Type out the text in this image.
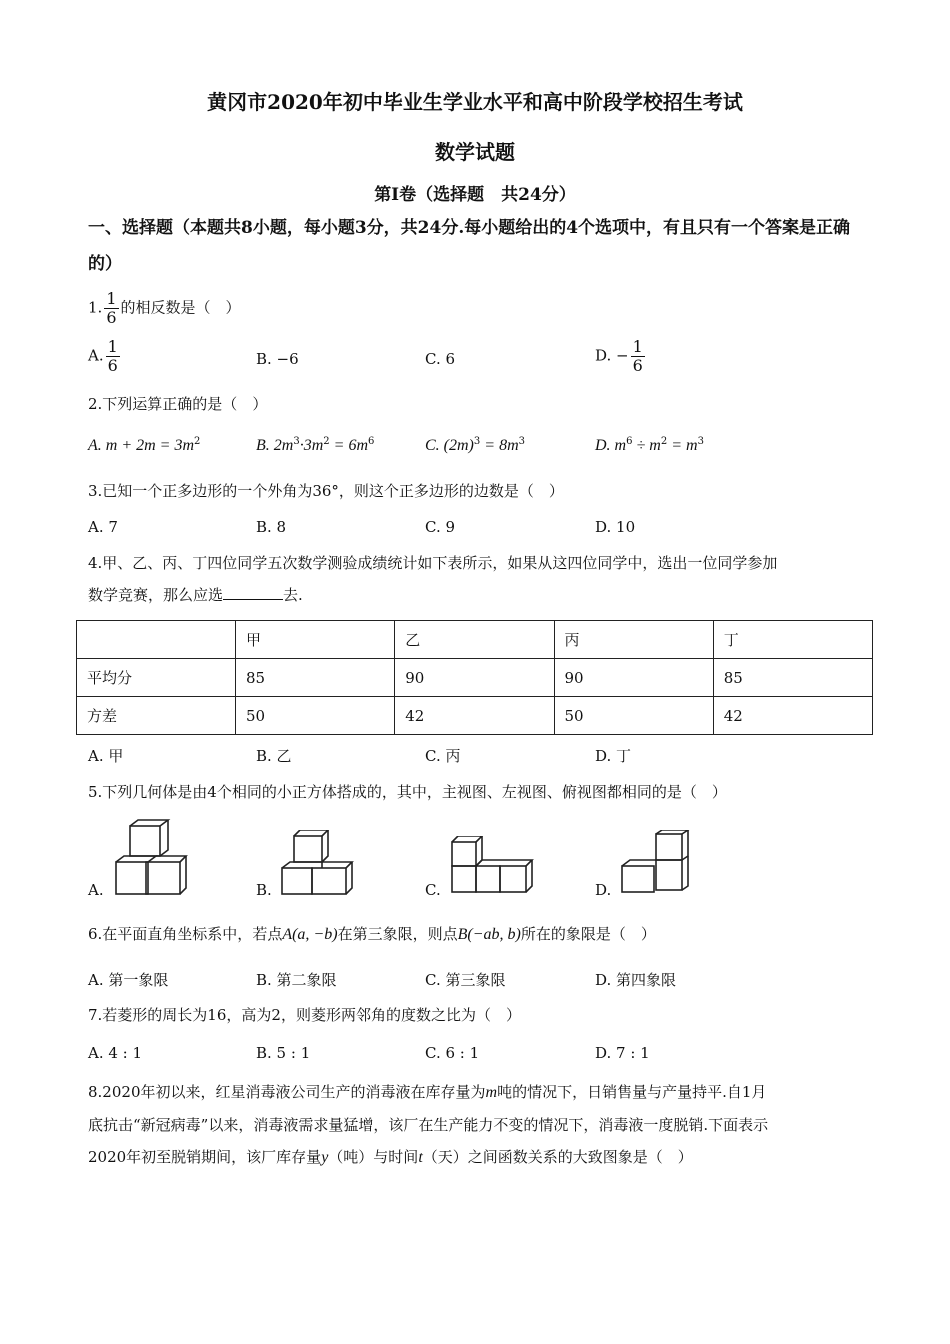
黄冈市2020年初中毕业生学业水平和高中阶段学校招生考试
数学试题
第Ⅰ卷（选择题　共24分）
一、选择题（本题共8小题，每小题3分，共24分.每小题给出的4个选项中，有且只有一个答案是正确的）
1. $\frac{1}{6}$ 的相反数是（　）
A. $\frac{1}{6}$	B. −6	C. 6	D. − $\frac{1}{6}$
2.下列运算正确的是（　）
A. $m + 2m = 3m^2$	B. $2m^3\cdot 3m^2 = 6m^6$	C. $(2m)^3 = 8m^3$	D. $m^6 \div m^2 = m^3$
3.已知一个正多边形的一个外角为36°，则这个正多边形的边数是（　）
A. 7	B. 8	C. 9	D. 10
4.甲、乙、丙、丁四位同学五次数学测验成绩统计如下表所示，如果从这四位同学中，选出一位同学参加
数学竞赛，那么应选	去.
	甲	乙	丙	丁
平均分	85	90	90	85
方差	50	42	50	42
A. 甲	B. 乙	C. 丙	D. 丁
5.下列几何体是由4个相同的小正方体搭成的，其中，主视图、左视图、俯视图都相同的是（　）
A.	B.	C.	D.
6.在平面直角坐标系中，若点A(a, −b)在第三象限，则点B(−ab, b)所在的象限是（　）
A. 第一象限	B. 第二象限	C. 第三象限	D. 第四象限
7.若菱形的周长为16，高为2，则菱形两邻角的度数之比为（　）
A. 4 : 1	B. 5 : 1	C. 6 : 1	D. 7 : 1
8.2020年初以来，红星消毒液公司生产的消毒液在库存量为m吨的情况下，日销售量与产量持平.自1月
底抗击“新冠病毒”以来，消毒液需求量猛增，该厂在生产能力不变的情况下，消毒液一度脱销.下面表示
2020年初至脱销期间，该厂库存量y（吨）与时间t（天）之间函数关系的大致图象是（　）
